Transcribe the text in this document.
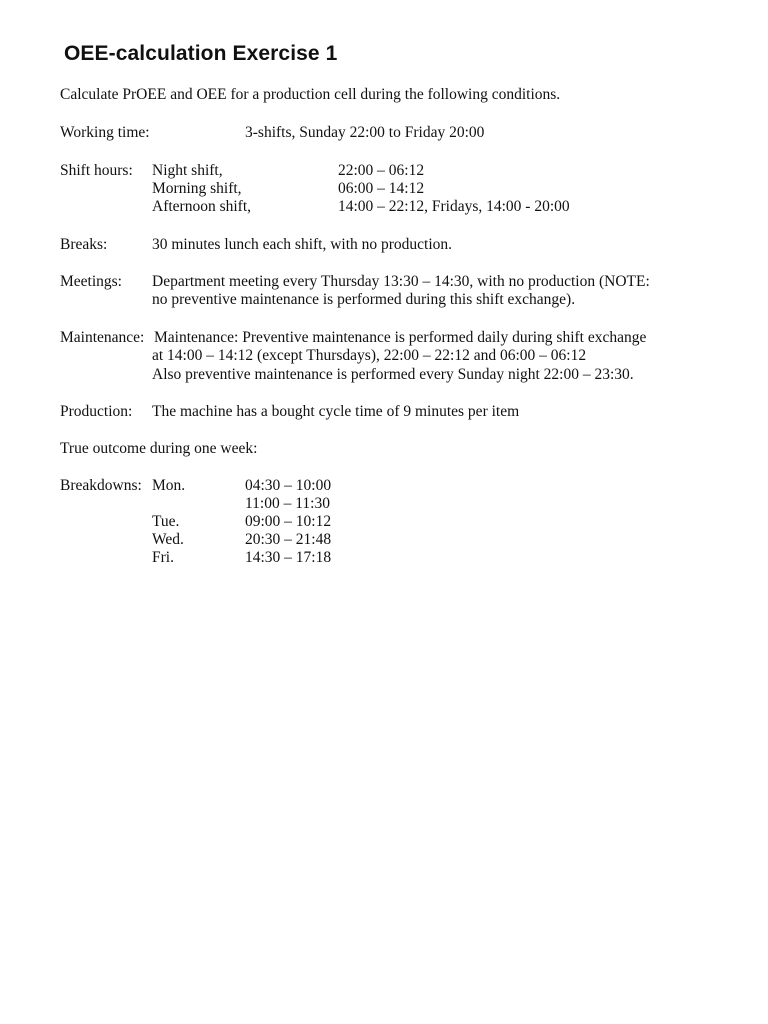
OEE-calculation Exercise 1
Calculate PrOEE and OEE for a production cell during the following conditions.
Working time:	3-shifts, Sunday 22:00 to Friday 20:00
Shift hours: Night shift,	22:00 – 06:12
Morning shift,	06:00 – 14:12
Afternoon shift,	14:00 – 22:12, Fridays, 14:00 - 20:00
Breaks:	30 minutes lunch each shift, with no production.
Meetings: Department meeting every Thursday 13:30 – 14:30, with no production (NOTE:
no preventive maintenance is performed during this shift exchange).
Maintenance: Maintenance: Preventive maintenance is performed daily during shift exchange
at 14:00 – 14:12 (except Thursdays), 22:00 – 22:12 and 06:00 – 06:12
Also preventive maintenance is performed every Sunday night 22:00 – 23:30.
Production: The machine has a bought cycle time of 9 minutes per item
True outcome during one week:
Breakdowns: Mon.	04:30 – 10:00
11:00 – 11:30
Tue.	09:00 – 10:12
Wed.	20:30 – 21:48
Fri.	14:30 – 17:18
